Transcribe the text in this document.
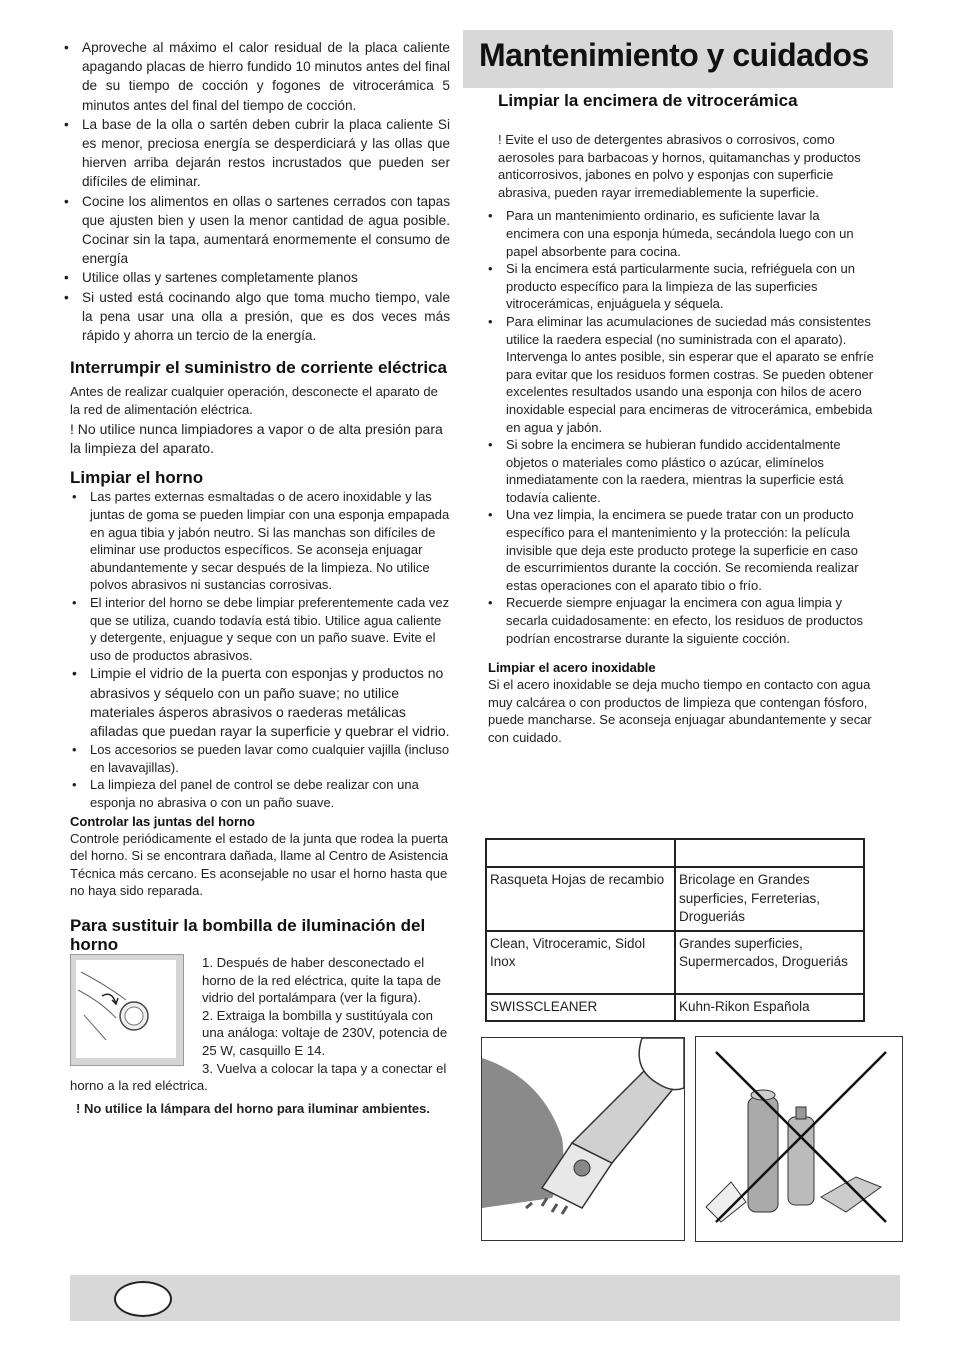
• Aproveche al máximo el calor residual de la placa caliente apagando placas de hierro fundido 10 minutos antes del final de su tiempo de cocción y fogones de vitrocerámica 5 minutos antes del final del tiempo de cocción.
• La base de la olla o sartén deben cubrir la placa caliente Si es menor, preciosa energía se desperdiciará y las ollas que hierven arriba dejarán restos incrustados que pueden ser difíciles de eliminar.
• Cocine los alimentos en ollas o sartenes cerrados con tapas que ajusten bien y usen la menor cantidad de agua posible. Cocinar sin la tapa, aumentará enormemente el consumo de energía
• Utilice ollas y sartenes completamente planos
• Si usted está cocinando algo que toma mucho tiempo, vale la pena usar una olla a presión, que es dos veces más rápido y ahorra un tercio de la energía.
Interrumpir el suministro de corriente eléctrica

Antes de realizar cualquier operación, desconecte el aparato de la red de alimentación eléctrica.

! No utilice nunca limpiadores a vapor o de alta presión para la limpieza del aparato.

Limpiar el horno
• Las partes externas esmaltadas o de acero inoxidable y las juntas de goma se pueden limpiar con una esponja empapada en agua tibia y jabón neutro. Si las manchas son difíciles de eliminar use productos específicos. Se aconseja enjuagar abundantemente y secar después de la limpieza. No utilice polvos abrasivos ni sustancias corrosivas.
• El interior del horno se debe limpiar preferentemente cada vez que se utiliza, cuando todavía está tibio. Utilice agua caliente y detergente, enjuague y seque con un paño suave. Evite el uso de productos abrasivos.
• Limpie el vidrio de la puerta con esponjas y productos no abrasivos y séquelo con un paño suave; no utilice materiales ásperos abrasivos o raederas metálicas afiladas que puedan rayar la superficie y quebrar el vidrio.
• Los accesorios se pueden lavar como cualquier vajilla (incluso en lavavajillas).
• La limpieza del panel de control se debe realizar con una esponja no abrasiva o con un paño suave.
Controlar las juntas del horno

Controle periódicamente el estado de la junta que rodea la puerta del horno. Si se encontrara dañada, llame al Centro de Asistencia Técnica más cercano. Es aconsejable no usar el horno hasta que no haya sido reparada.

Para sustituir la bombilla de iluminación del horno

1. Después de haber desconectado el horno de la red eléctrica, quite la tapa de vidrio del portalámpara (ver la figura).

2. Extraiga la bombilla y sustitúyala con una análoga: voltaje de 230V, potencia de 25 W, casquillo E 14.

3. Vuelva a colocar la tapa y a conectar el horno a la red eléctrica.

! No utilice la lámpara del horno para iluminar ambientes.

Mantenimiento y cuidados
Limpiar la encimera de vitrocerámica

! Evite el uso de detergentes abrasivos o corrosivos, como aerosoles para barbacoas y hornos, quitamanchas y productos anticorrosivos, jabones en polvo y esponjas con superficie abrasiva, pueden rayar irremediablemente la superficie.

• Para un mantenimiento ordinario, es suficiente lavar la encimera con una esponja húmeda, secándola luego con un papel absorbente para cocina.
• Si la encimera está particularmente sucia, refriéguela con un producto específico para la limpieza de las superficies vitrocerámicas, enjuáguela y séquela.
• Para eliminar las acumulaciones de suciedad más consistentes utilice la raedera especial (no suministrada con el aparato). Intervenga lo antes posible, sin esperar que el aparato se enfríe para evitar que los residuos formen costras. Se pueden obtener excelentes resultados usando una esponja con hilos de acero inoxidable especial para encimeras de vitrocerámica, embebida en agua y jabón.
• Si sobre la encimera se hubieran fundido accidentalmente objetos o materiales como plástico o azúcar, elimínelos inmediatamente con la raedera, mientras la superficie está todavía caliente.
• Una vez limpia, la encimera se puede tratar con un producto específico para el mantenimiento y la protección: la película invisible que deja este producto protege la superficie en caso de escurrimientos durante la cocción. Se recomienda realizar estas operaciones con el aparato tibio o frío.
• Recuerde siempre enjuagar la encimera con agua limpia y secarla cuidadosamente: en efecto, los residuos de productos podrían encostrarse durante la siguiente cocción.
Limpiar el acero inoxidable

Si el acero inoxidable se deja mucho tiempo en contacto con agua muy calcárea o con productos de limpieza que contengan fósforo, puede mancharse. Se aconseja enjuagar abundantemente y secar con cuidado.

Rasqueta Hojas de recambio	Bricolage en Grandes superficies, Ferreterias, Drogueriás
Clean, Vitroceramic, Sidol Inox	Grandes superficies, Supermercados, Drogueriás
SWISSCLEANER	Kuhn-Rikon Española
